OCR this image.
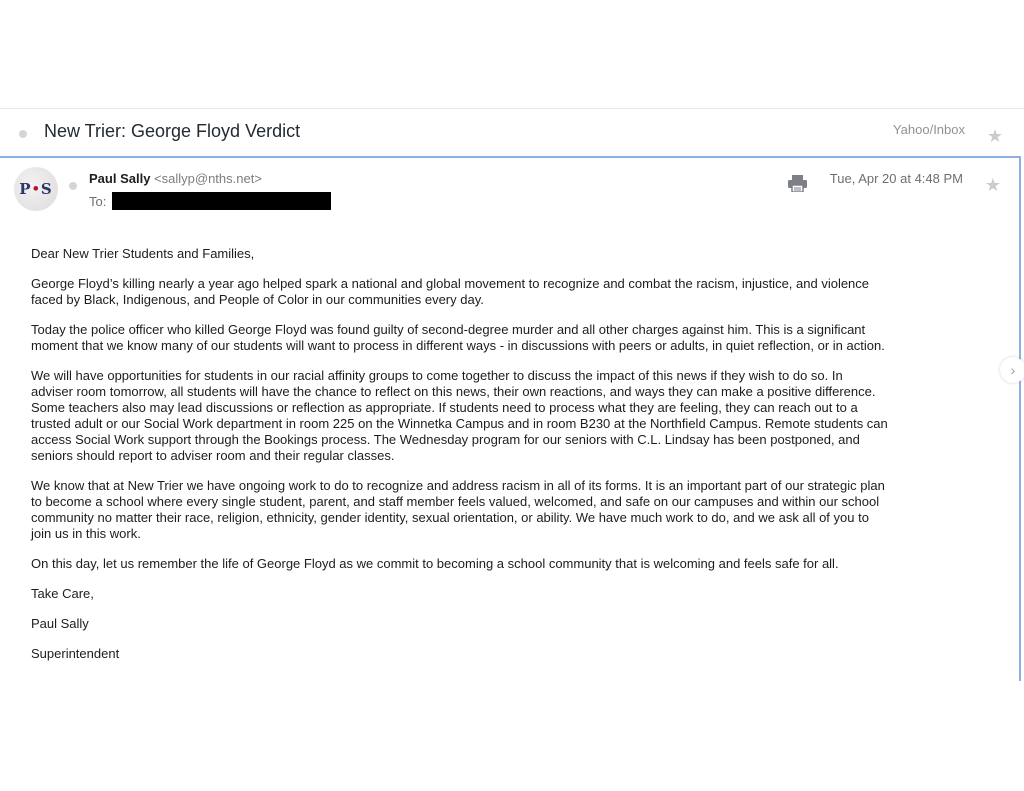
New Trier: George Floyd Verdict	Yahoo/Inbox ★
P • S
Paul Sally <sallyp@nths.net>
To:
Tue, Apr 20 at 4:48 PM ★

Dear New Trier Students and Families,

George Floyd’s killing nearly a year ago helped spark a national and global movement to recognize and combat the racism, injustice, and violence
faced by Black, Indigenous, and People of Color in our communities every day.

Today the police officer who killed George Floyd was found guilty of second-degree murder and all other charges against him. This is a significant
moment that we know many of our students will want to process in different ways - in discussions with peers or adults, in quiet reflection, or in action.

We will have opportunities for students in our racial affinity groups to come together to discuss the impact of this news if they wish to do so. In
adviser room tomorrow, all students will have the chance to reflect on this news, their own reactions, and ways they can make a positive difference.
Some teachers also may lead discussions or reflection as appropriate. If students need to process what they are feeling, they can reach out to a
trusted adult or our Social Work department in room 225 on the Winnetka Campus and in room B230 at the Northfield Campus. Remote students can
access Social Work support through the Bookings process. The Wednesday program for our seniors with C.L. Lindsay has been postponed, and
seniors should report to adviser room and their regular classes.

We know that at New Trier we have ongoing work to do to recognize and address racism in all of its forms. It is an important part of our strategic plan
to become a school where every single student, parent, and staff member feels valued, welcomed, and safe on our campuses and within our school
community no matter their race, religion, ethnicity, gender identity, sexual orientation, or ability. We have much work to do, and we ask all of you to
join us in this work.

On this day, let us remember the life of George Floyd as we commit to becoming a school community that is welcoming and feels safe for all.

Take Care,

Paul Sally

Superintendent

›
